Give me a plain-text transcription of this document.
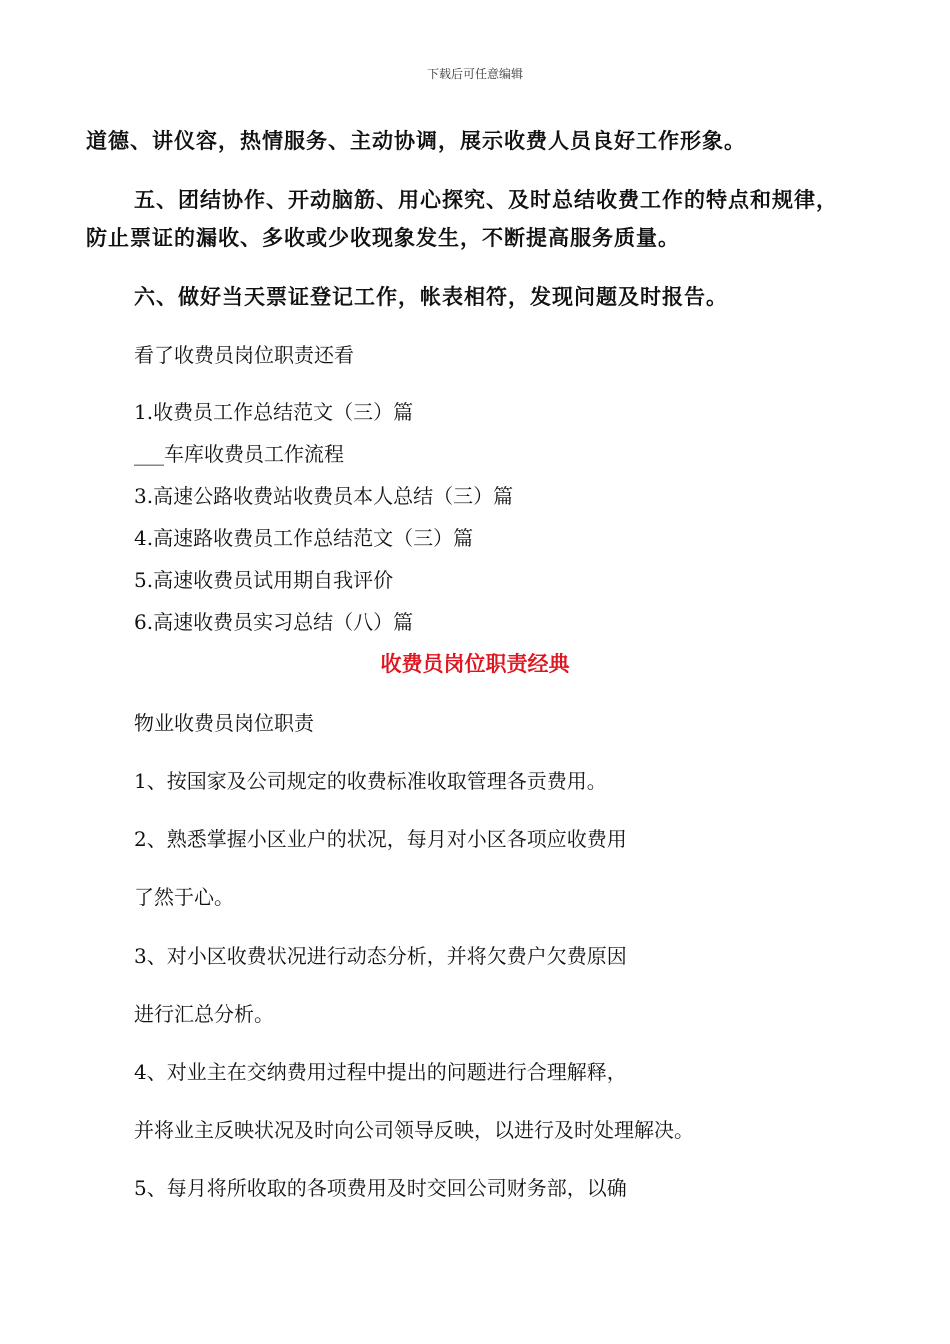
下载后可任意编辑
道德、讲仪容，热情服务、主动协调，展示收费人员良好工作形象。
五、团结协作、开动脑筋、用心探究、及时总结收费工作的特点和规律，
防止票证的漏收、多收或少收现象发生，不断提高服务质量。
六、做好当天票证登记工作，帐表相符，发现问题及时报告。
看了收费员岗位职责还看
1.收费员工作总结范文（三）篇
___车库收费员工作流程
3.高速公路收费站收费员本人总结（三）篇
4.高速路收费员工作总结范文（三）篇
5.高速收费员试用期自我评价
6.高速收费员实习总结（八）篇
收费员岗位职责经典
物业收费员岗位职责
1、按国家及公司规定的收费标准收取管理各贡费用。
2、熟悉掌握小区业户的状况，每月对小区各项应收费用
了然于心。
3、对小区收费状况进行动态分析，并将欠费户欠费原因
进行汇总分析。
4、对业主在交纳费用过程中提出的问题进行合理解释，
并将业主反映状况及时向公司领导反映，以进行及时处理解决。
5、每月将所收取的各项费用及时交回公司财务部，以确
